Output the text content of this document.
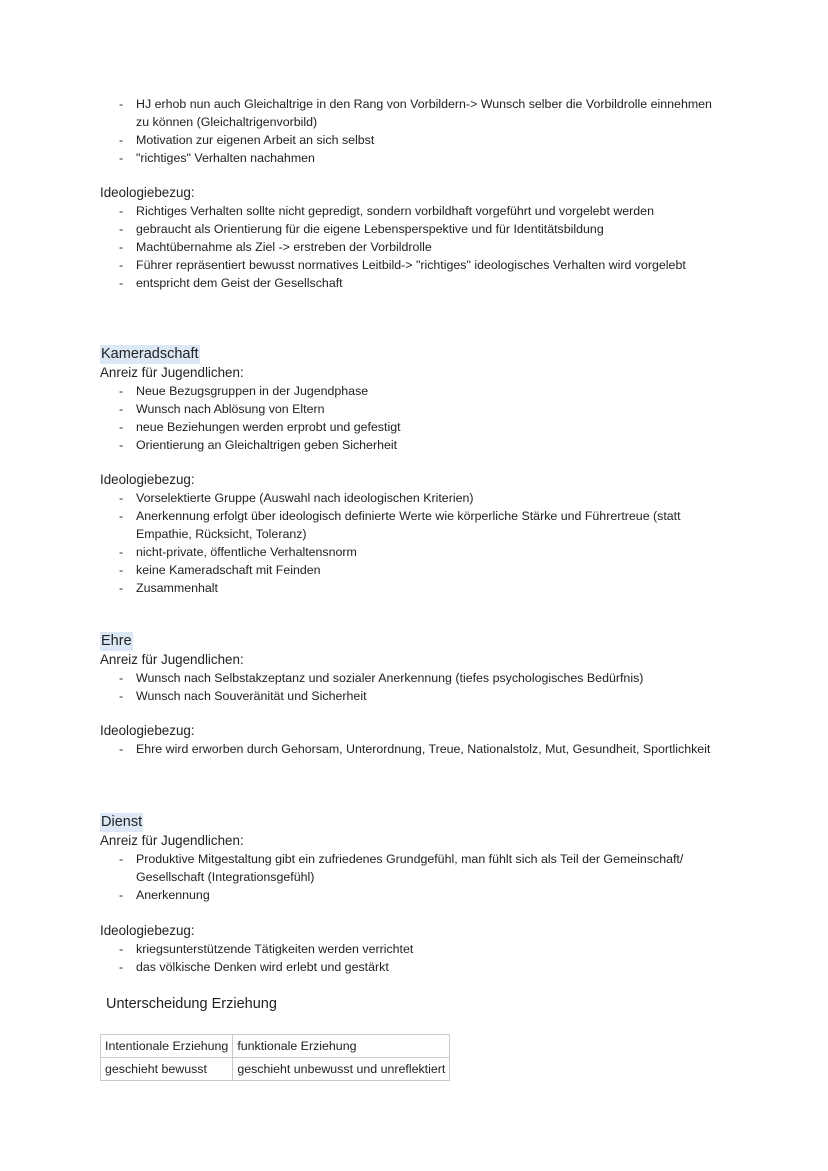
- HJ erhob nun auch Gleichaltrige in den Rang von Vorbildern-> Wunsch selber die Vorbildrolle einnehmen zu können (Gleichaltrigenvorbild)
- Motivation zur eigenen Arbeit an sich selbst
- "richtiges" Verhalten nachahmen
Ideologiebezug:
- Richtiges Verhalten sollte nicht gepredigt, sondern vorbildhaft vorgeführt und vorgelebt werden
- gebraucht als Orientierung für die eigene Lebensperspektive und für Identitätsbildung
- Machtübernahme als Ziel -> erstreben der Vorbildrolle
- Führer repräsentiert bewusst normatives Leitbild-> "richtiges" ideologisches Verhalten wird vorgelebt
- entspricht dem Geist der Gesellschaft
Kameradschaft
Anreiz für Jugendlichen:
- Neue Bezugsgruppen in der Jugendphase
- Wunsch nach Ablösung von Eltern
- neue Beziehungen werden erprobt und gefestigt
- Orientierung an Gleichaltrigen geben Sicherheit
Ideologiebezug:
- Vorselektierte Gruppe (Auswahl nach ideologischen Kriterien)
- Anerkennung erfolgt über ideologisch definierte Werte wie körperliche Stärke und Führertreue (statt Empathie, Rücksicht, Toleranz)
- nicht-private, öffentliche Verhaltensnorm
- keine Kameradschaft mit Feinden
- Zusammenhalt
Ehre
Anreiz für Jugendlichen:
- Wunsch nach Selbstakzeptanz und sozialer Anerkennung (tiefes psychologisches Bedürfnis)
- Wunsch nach Souveränität und Sicherheit
Ideologiebezug:
- Ehre wird erworben durch Gehorsam, Unterordnung, Treue, Nationalstolz, Mut, Gesundheit, Sportlichkeit
Dienst
Anreiz für Jugendlichen:
- Produktive Mitgestaltung gibt ein zufriedenes Grundgefühl, man fühlt sich als Teil der Gemeinschaft/ Gesellschaft (Integrationsgefühl)
- Anerkennung
Ideologiebezug:
- kriegsunterstützende Tätigkeiten werden verrichtet
- das völkische Denken wird erlebt und gestärkt
Unterscheidung Erziehung
Intentionale Erziehung	funktionale Erziehung
geschieht bewusst	geschieht unbewusst und unreflektiert
